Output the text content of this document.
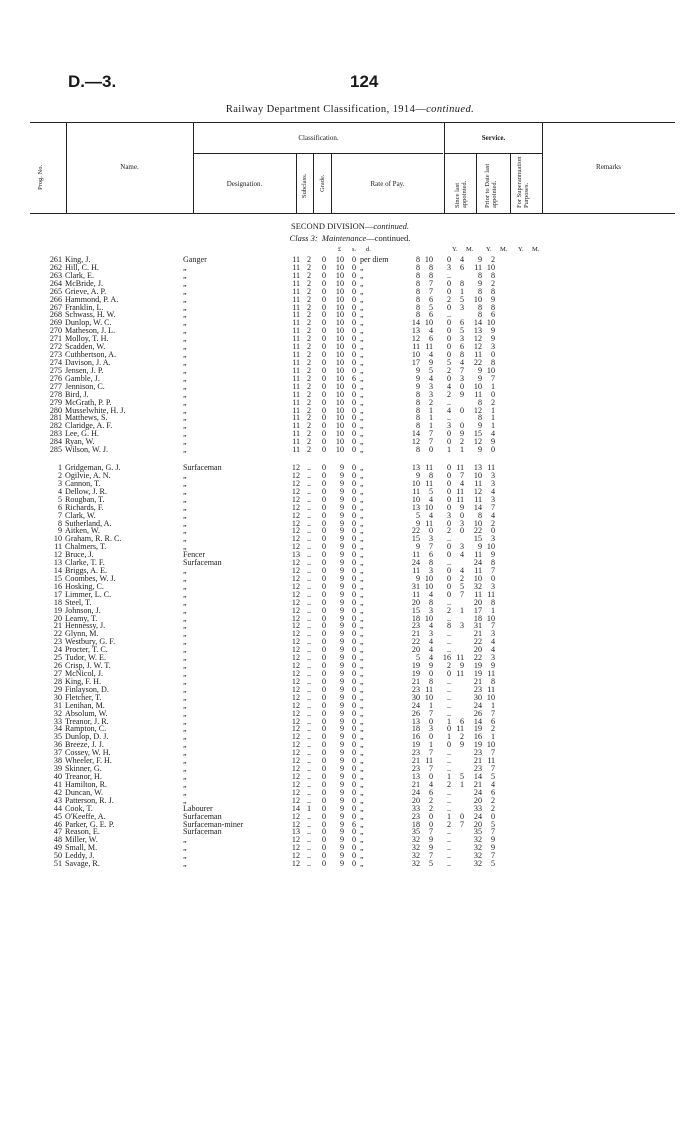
D.—3.	124
Railway Department Classification, 1914—continued.
Prog. No.	Name.
Classification.
Designation.	Subclass. Grade.	Rate of Pay.
Service.
Since last appointed. Prior to Date last appointed.	For Superannuation Purposes.
Remarks
SECOND DIVISION—continued.
Class 3: Maintenance—continued.
£ s. d.	Y. M. Y. M. Y. M.
261	King, J.	Ganger	11	2	0	10	0	per diem	8	10	0	4	9	2
262	Hill, C. H.	„	11	2	0	10	0	„	8	8	3	6	11	10
263	Clark, E.	„	11	2	0	10	0	„	8	8	..		8	8
264	McBride, J.	„	11	2	0	10	0	„	8	7	0	8	9	2
265	Grieve, A. P.	„	11	2	0	10	0	„	8	7	0	1	8	8
266	Hammond, P. A.	„	11	2	0	10	0	„	8	6	2	5	10	9
267	Franklin, L.	„	11	2	0	10	0	„	8	5	0	3	8	8
268	Schwass, H. W.	„	11	2	0	10	0	„	8	6	..		8	6
269	Dunlop, W. C.	„	11	2	0	10	0	„	14	10	0	6	14	10
270	Matheson, J. L.	„	11	2	0	10	0	„	13	4	0	5	13	9
271	Molloy, T. H.	„	11	2	0	10	0	„	12	6	0	3	12	9
272	Scadden, W.	„	11	2	0	10	0	„	11	11	0	6	12	3
273	Cuthbertson, A.	„	11	2	0	10	0	„	10	4	0	8	11	0
274	Davison, J. A.	„	11	2	0	10	0	„	17	9	5	4	22	8
275	Jensen, J. P.	„	11	2	0	10	0	„	9	5	2	7	9	10
276	Gamble, J.	„	11	2	0	10	6	„	9	4	0	3	9	7
277	Jennison, C.	„	11	2	0	10	0	„	9	3	4	0	10	1
278	Bird, J.	„	11	2	0	10	0	„	8	3	2	9	11	0
279	McGrath, P. P.	„	11	2	0	10	0	„	8	2	..		8	2
280	Musselwhite, H. J.	„	11	2	0	10	0	„	8	1	4	0	12	1
281	Matthews, S.	„	11	2	0	10	0	„	8	1	..		8	1
282	Claridge, A. F.	„	11	2	0	10	0	„	8	1	3	0	9	1
283	Lee, G. H.	„	11	2	0	10	0	„	14	7	0	9	15	4
284	Ryan, W.	„	11	2	0	10	0	„	12	7	0	2	12	9
285	Wilson, W. J.	„	11	2	0	10	0	„	8	0	1	1	9	0

1	Gridgeman, G. J.	Surfaceman	12	..	0	9	0	„	13	11	0	11	13	11
2	Ogilvie, A. N.	„	12	..	0	9	0	„	9	8	0	7	10	3
3	Cannon, T.	„	12	..	0	9	0	„	10	11	0	4	11	3
4	Dellow, J. R.	„	12	..	0	9	0	„	11	5	0	11	12	4
5	Rougban, T.	„	12	..	0	9	0	„	10	4	0	11	11	3
6	Richards, F.	„	12	..	0	9	0	„	13	10	0	9	14	7
7	Clark, W.	„	12	..	0	9	0	„	5	4	3	0	8	4
8	Sutherland, A.	„	12	..	0	9	0	„	9	11	0	3	10	2
9	Aitken, W.	„	12	..	0	9	0	„	22	0	2	0	22	0
10	Graham, R. R. C.	„	12	..	0	9	0	„	15	3	..		15	3
11	Chalmers, T.	„	12	..	0	9	0	„	9	7	0	3	9	10
12	Bruce, J.	Fencer	13	..	0	9	0	„	11	6	0	4	11	9
13	Clarke, T. F.	Surfaceman	12	..	0	9	0	„	24	8	..		24	8
14	Briggs, A. E.	„	12	..	0	9	0	„	11	3	0	4	11	7
15	Coombes, W. J.	„	12	..	0	9	0	„	9	10	0	2	10	0
16	Hosking, C.	„	12	..	0	9	0	„	31	10	0	5	32	3
17	Limmer, L. C.	„	12	..	0	9	0	„	11	4	0	7	11	11
18	Steel, T.	„	12	..	0	9	0	„	20	8	..		20	8
19	Johnson, J.	„	12	..	0	9	0	„	15	3	2	1	17	1
20	Leamy, T.	„	12	..	0	9	0	„	18	10	..		18	10
21	Hennessy, J.	„	12	..	0	9	0	„	23	4	8	3	31	7
22	Glynn, M.	„	12	..	0	9	0	„	21	3	..		21	3
23	Westbury, G. F.	„	12	..	0	9	0	„	22	4	..		22	4
24	Procter, T. C.	„	12	..	0	9	0	„	20	4	..		20	4
25	Tudor, W. E.	„	12	..	0	9	0	„	5	4	16	11	22	3
26	Crisp, J. W. T.	„	12	..	0	9	0	„	19	9	2	9	19	9
27	McNicol, J.	„	12	..	0	9	0	„	19	0	0	11	19	11
28	King, F. H.	„	12	..	0	9	0	„	21	8	..		21	8
29	Finlayson, D.	„	12	..	0	9	0	„	23	11	..		23	11
30	Fletcher, T.	„	12	..	0	9	0	„	30	10	..		30	10
31	Lenihan, M.	„	12	..	0	9	0	„	24	1	..		24	1
32	Absolum, W.	„	12	..	0	9	0	„	26	7	..		26	7
33	Treanor, J. R.	„	12	..	0	9	0	„	13	0	1	6	14	6
34	Rampton, C.	„	12	..	0	9	0	„	18	3	0	11	19	2
35	Dunlop, D. J.	„	12	..	0	9	0	„	16	0	1	2	16	1
36	Breeze, J. J.	„	12	..	0	9	0	„	19	1	0	9	19	10
37	Cossey, W. H.	„	12	..	0	9	0	„	23	7	..		23	7
38	Wheeler, F. H.	„	12	..	0	9	0	„	21	11	..		21	11
39	Skinner, G.	„	12	..	0	9	0	„	23	7	..		23	7
40	Treanor, H.	„	12	..	0	9	0	„	13	0	1	5	14	5
41	Hamilton, R.	„	12	..	0	9	0	„	21	4	2	1	21	4
42	Duncan, W.	„	12	..	0	9	0	„	24	6	..		24	6
43	Patterson, R. J.	„	12	..	0	9	0	„	20	2	..		20	2
44	Cook, T.	Labourer	14	1	0	9	0	„	33	2	..		33	2
45	O'Keeffe, A.	Surfaceman	12	..	0	9	0	„	23	0	1	0	24	0
46	Parker, G. E. P.	Surfaceman-miner	12	..	0	9	6	„	18	0	2	7	20	5
47	Reason, E.	Surfaceman	13	..	0	9	0	„	35	7	..		35	7
48	Miller, W.	„	12	..	0	9	0	„	32	9	..		32	9
49	Small, M.	„	12	..	0	9	0	„	32	9	..		32	9
50	Leddy, J.	„	12	..	0	9	0	„	32	7	..		32	7
51	Savage, R.	„	12	..	0	9	0	„	32	5	..		32	5
